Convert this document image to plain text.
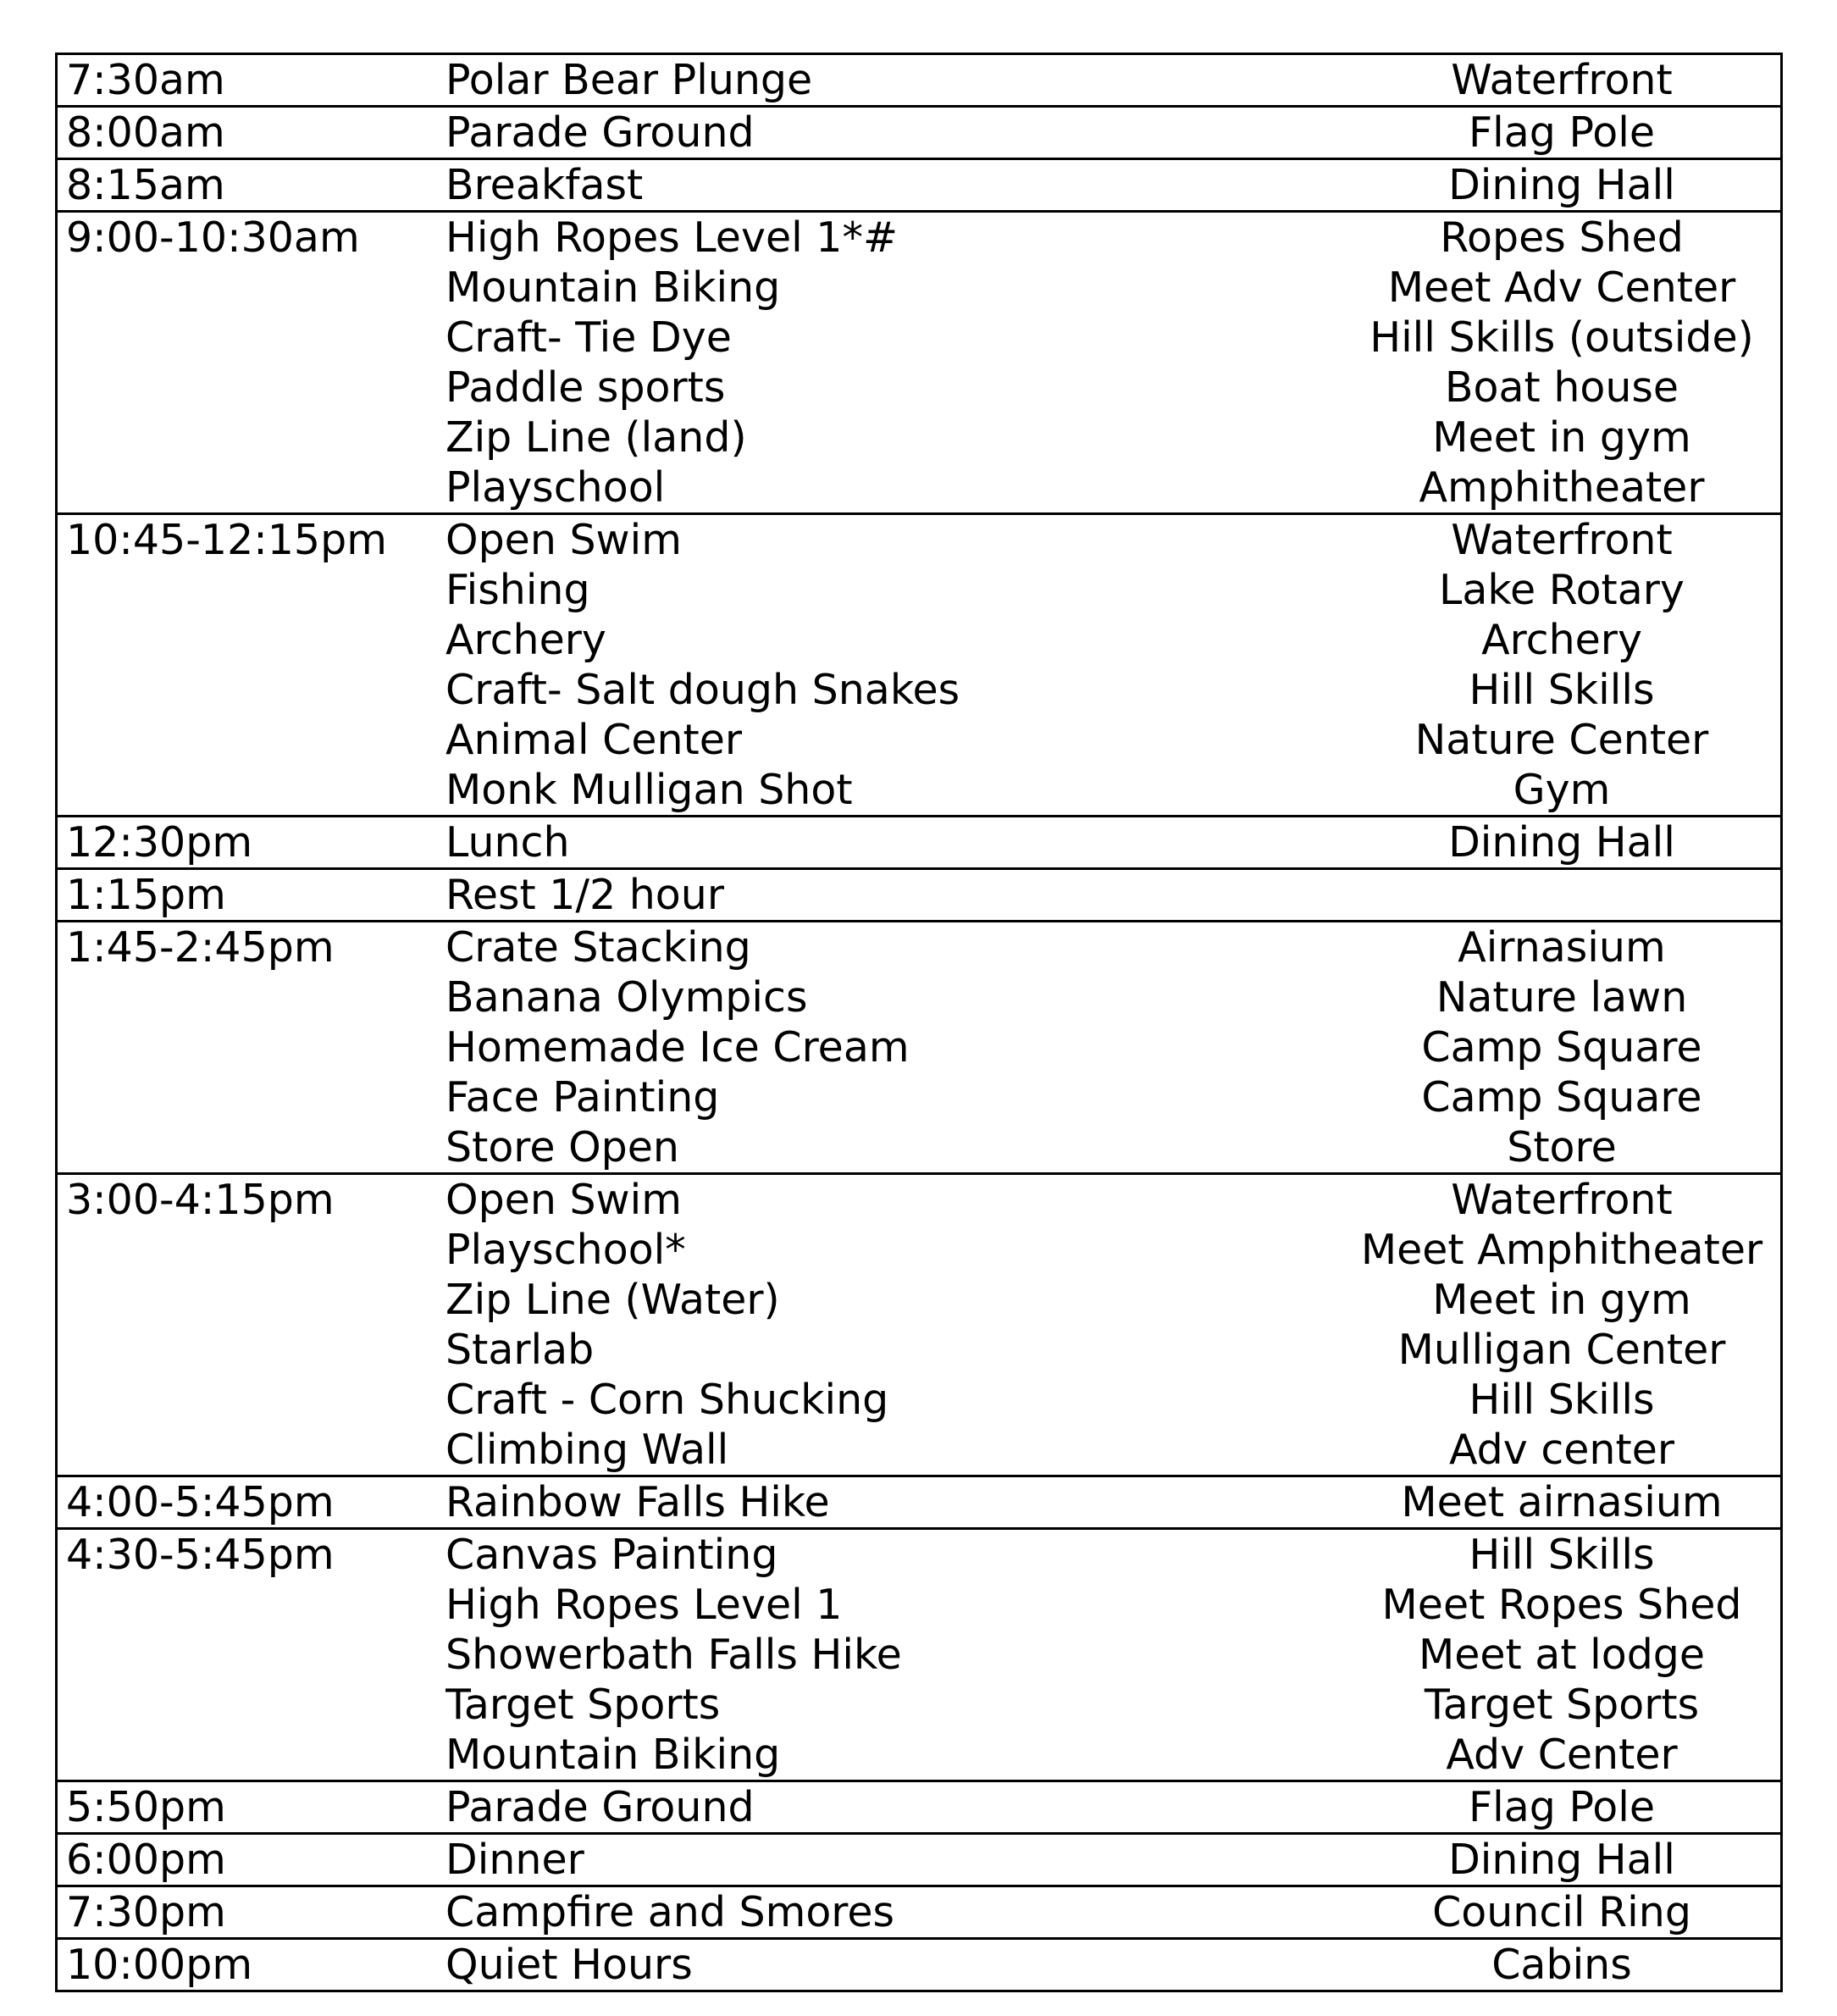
7:30am	Polar Bear Plunge	Waterfront
8:00am	Parade Ground	Flag Pole
8:15am	Breakfast	Dining Hall
9:00-10:30am	High Ropes Level 1*#	Ropes Shed
Mountain Biking	Meet Adv Center
Craft- Tie Dye	Hill Skills (outside)
Paddle sports	Boat house
Zip Line (land)	Meet in gym
Playschool	Amphitheater
10:45-12:15pm	Open Swim	Waterfront
Fishing	Lake Rotary
Archery	Archery
Craft- Salt dough Snakes	Hill Skills
Animal Center	Nature Center
Monk Mulligan Shot	Gym
12:30pm	Lunch	Dining Hall
1:15pm	Rest 1/2 hour
1:45-2:45pm	Crate Stacking	Airnasium
Banana Olympics	Nature lawn
Homemade Ice Cream	Camp Square
Face Painting	Camp Square
Store Open	Store
3:00-4:15pm	Open Swim	Waterfront
Playschool*	Meet Amphitheater
Zip Line (Water)	Meet in gym
Starlab	Mulligan Center
Craft - Corn Shucking	Hill Skills
Climbing Wall	Adv center
4:00-5:45pm	Rainbow Falls Hike	Meet airnasium
4:30-5:45pm	Canvas Painting	Hill Skills
High Ropes Level 1	Meet Ropes Shed
Showerbath Falls Hike	Meet at lodge
Target Sports	Target Sports
Mountain Biking	Adv Center
5:50pm	Parade Ground	Flag Pole
6:00pm	Dinner	Dining Hall
7:30pm	Campfire and Smores	Council Ring
10:00pm	Quiet Hours	Cabins
